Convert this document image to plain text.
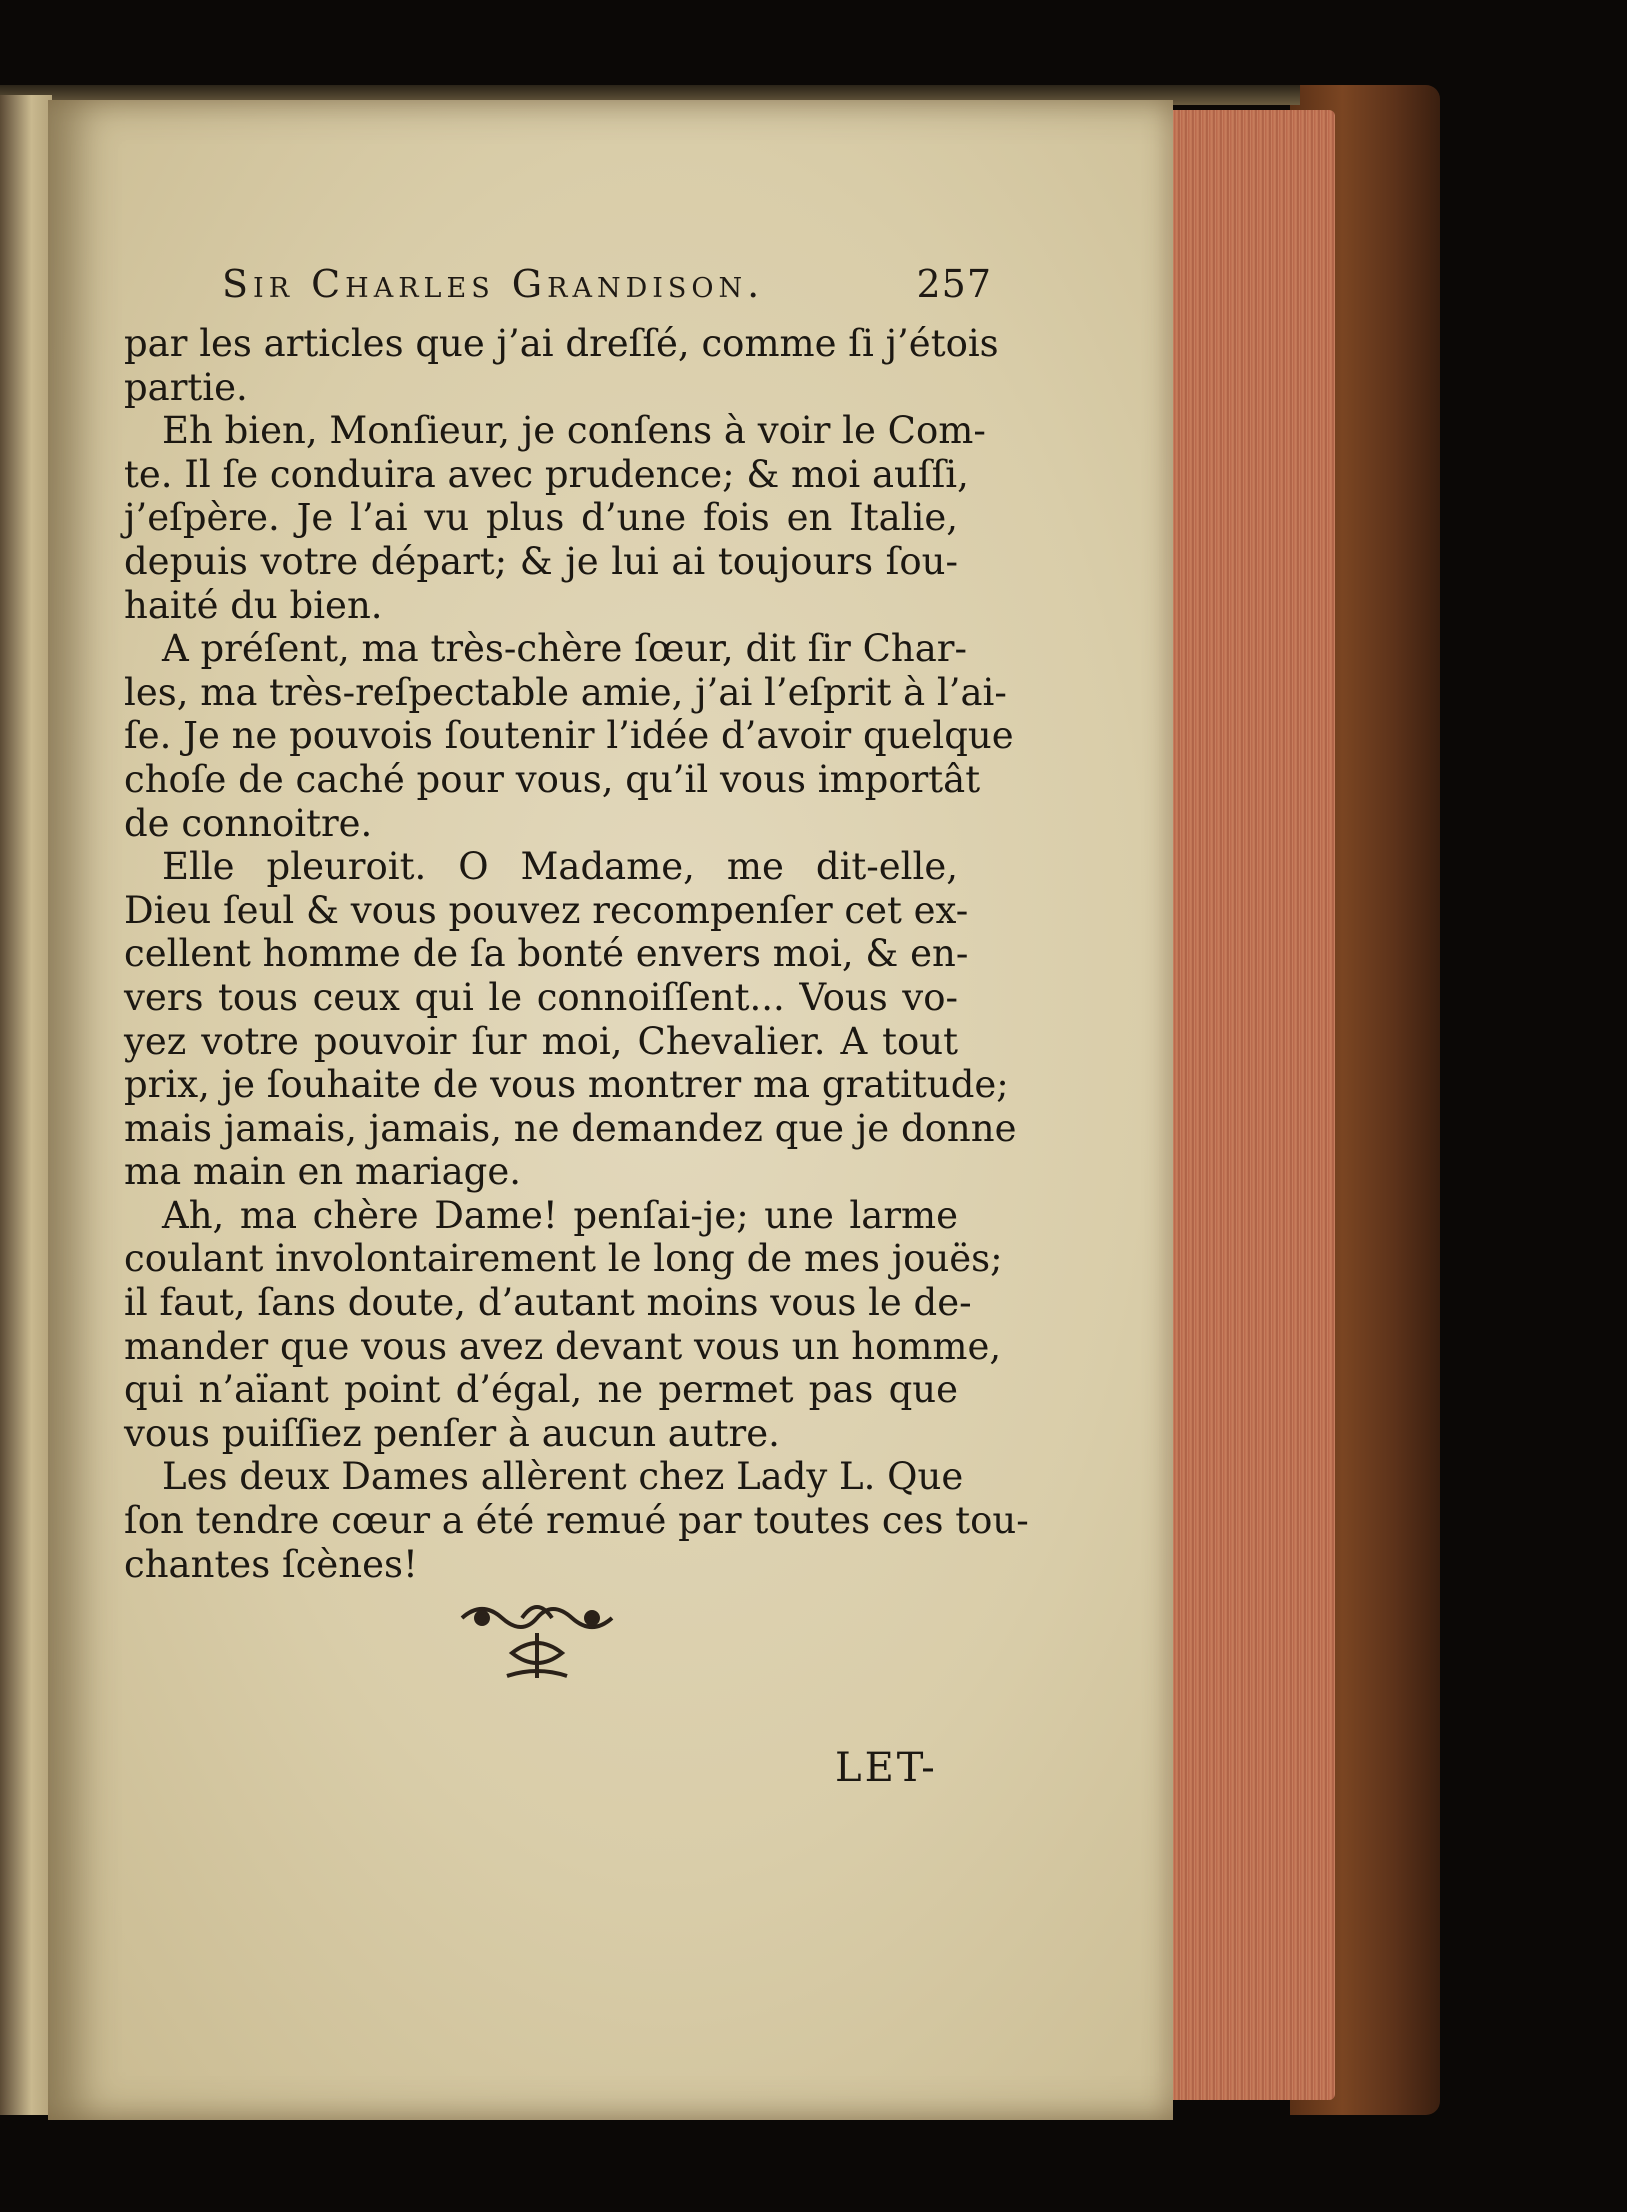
Sir Charles Grandison.	257
par les articles que j’ai dreſſé, comme ſi j’étois
partie.
Eh bien, Monſieur, je conſens à voir le Com-
te. Il ſe conduira avec prudence; & moi auſſi,
j’eſpère. Je l’ai vu plus d’une fois en Italie,
depuis votre départ; & je lui ai toujours ſou-
haité du bien.
A préſent, ma très-chère ſœur, dit ſir Char-
les, ma très-reſpectable amie, j’ai l’eſprit à l’ai-
ſe. Je ne pouvois ſoutenir l’idée d’avoir quelque
choſe de caché pour vous, qu’il vous importât
de connoitre.
Elle pleuroit. O Madame, me dit-elle,
Dieu ſeul & vous pouvez recompenſer cet ex-
cellent homme de ſa bonté envers moi, & en-
vers tous ceux qui le connoiſſent... Vous vo-
yez votre pouvoir ſur moi, Chevalier. A tout
prix, je ſouhaite de vous montrer ma gratitude;
mais jamais, jamais, ne demandez que je donne
ma main en mariage.
Ah, ma chère Dame! penſai-je; une larme
coulant involontairement le long de mes jouës;
il faut, ſans doute, d’autant moins vous le de-
mander que vous avez devant vous un homme,
qui n’aïant point d’égal, ne permet pas que
vous puiſſiez penſer à aucun autre.
Les deux Dames allèrent chez Lady L. Que
ſon tendre cœur a été remué par toutes ces tou-
chantes ſcènes!
LET-
